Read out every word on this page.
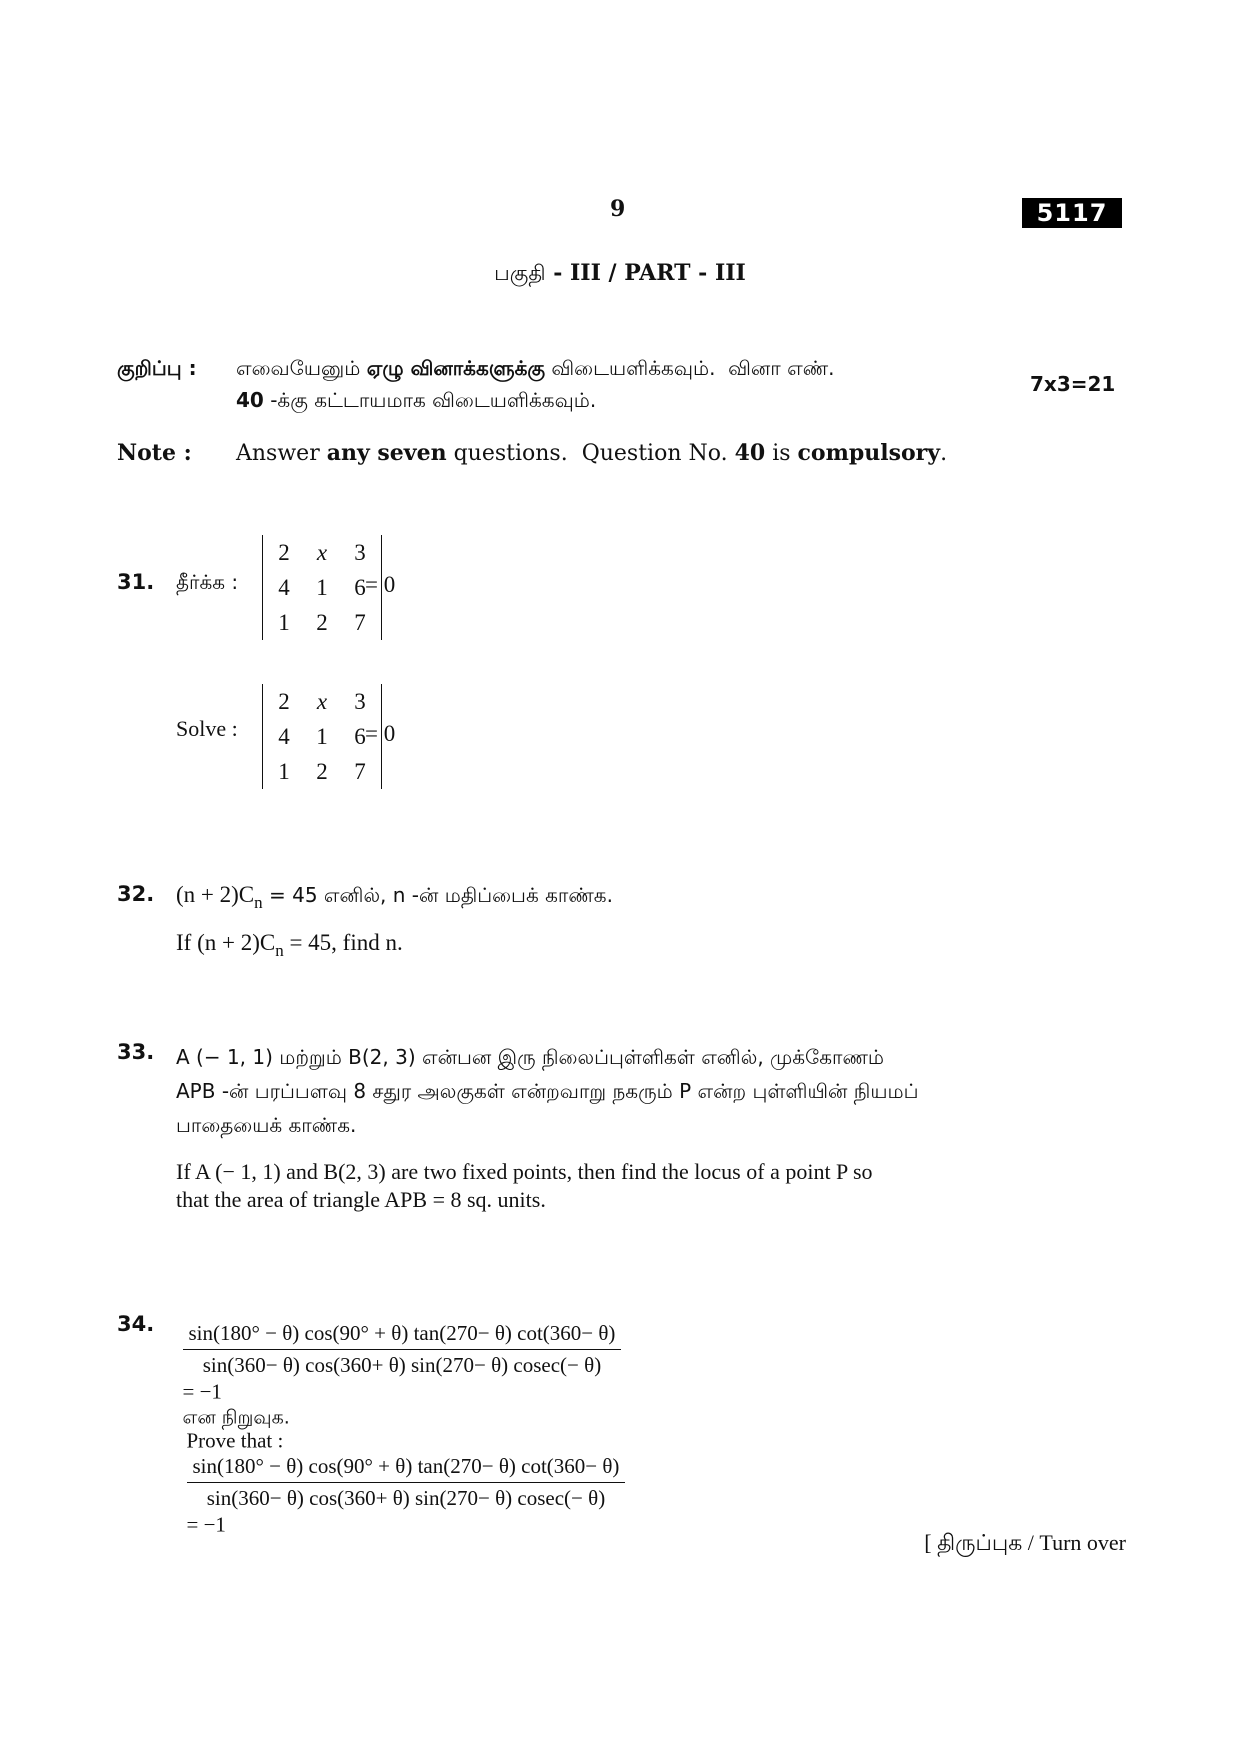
9	5117
பகுதி - III / PART - III
குறிப்பு : எவையேனும் ஏழு வினாக்களுக்கு விடையளிக்கவும்.  வினா எண்.
40 -க்கு கட்டாயமாக விடையளிக்கவும்.
7x3=21
Note : Answer any seven questions.  Question No. 40 is compulsory.
31. தீர்க்க :
2	x	3
4	1	6
1	2	7
= 0
Solve :
2	x	3
4	1	6
1	2	7
= 0
32. $(n + 2)C_n = 45$ எனில், n -ன் மதிப்பைக் காண்க.
If $(n + 2)C_n = 45$, find n.
33. A (− 1, 1) மற்றும் B(2, 3) என்பன இரு நிலைப்புள்ளிகள் எனில், முக்கோணம்
APB -ன் பரப்பளவு 8 சதுர அலகுகள் என்றவாறு நகரும் P என்ற புள்ளியின் நியமப்
பாதையைக் காண்க.
If A (− 1, 1) and B(2, 3) are two fixed points, then find the locus of a point P so
that the area of triangle APB = 8 sq. units.
34.

$\frac{\sin(180^\circ - \theta) \cos(90^\circ + \theta) \tan(270- \theta) \cot(360- \theta)}{\sin(360- \theta) \cos(360+ \theta) \sin(270- \theta) cosec(- \theta)}$

= −1
என நிறுவுக.

Prove that :

$\frac{\sin(180^\circ - \theta) \cos(90^\circ + \theta) \tan(270- \theta) \cot(360- \theta)}{\sin(360- \theta) \cos(360+ \theta) \sin(270- \theta) cosec(- \theta)}$

= −1

[ திருப்புக / Turn over
